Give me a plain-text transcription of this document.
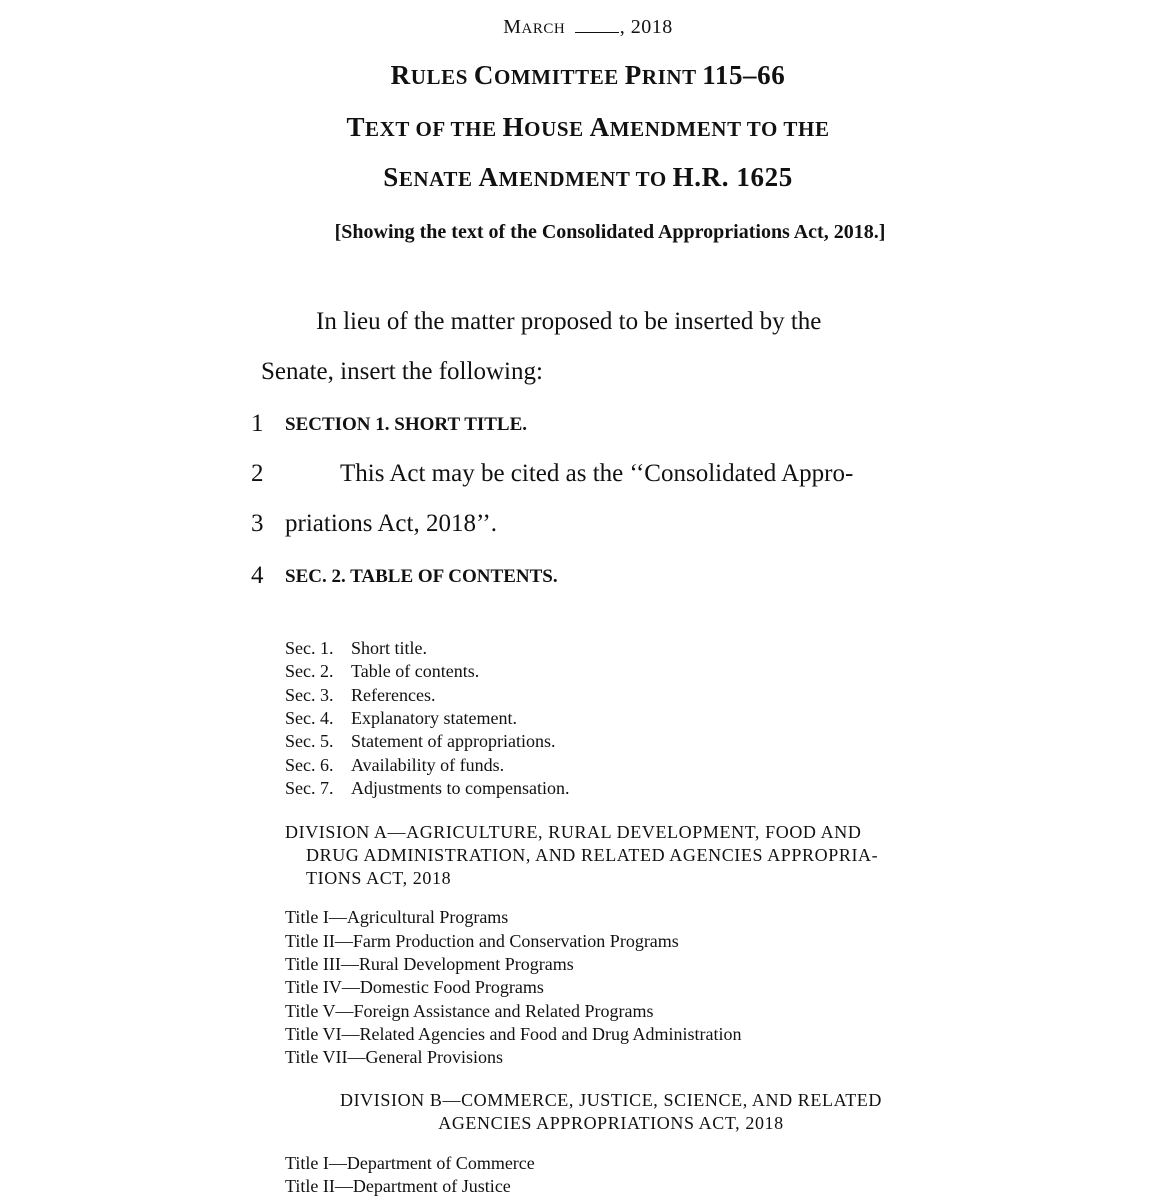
MARCH	, 2018
RULES COMMITTEE PRINT 115–66
TEXT OF THE HOUSE AMENDMENT TO THE
SENATE AMENDMENT TO H.R. 1625
[Showing the text of the Consolidated Appropriations Act, 2018.]
In lieu of the matter proposed to be inserted by the
Senate, insert the following:
1 SECTION 1. SHORT TITLE.
2	This Act may be cited as the ‘‘Consolidated Appro-
3 priations Act, 2018’’.
4 SEC. 2. TABLE OF CONTENTS.
Sec. 1. Short title.
Sec. 2. Table of contents.
Sec. 3. References.
Sec. 4. Explanatory statement.
Sec. 5. Statement of appropriations.
Sec. 6. Availability of funds.
Sec. 7. Adjustments to compensation.
DIVISION A—AGRICULTURE, RURAL DEVELOPMENT, FOOD AND
DRUG ADMINISTRATION, AND RELATED AGENCIES APPROPRIA-
TIONS ACT, 2018
Title I—Agricultural Programs
Title II—Farm Production and Conservation Programs
Title III—Rural Development Programs
Title IV—Domestic Food Programs
Title V—Foreign Assistance and Related Programs
Title VI—Related Agencies and Food and Drug Administration
Title VII—General Provisions
DIVISION B—COMMERCE, JUSTICE, SCIENCE, AND RELATED
AGENCIES APPROPRIATIONS ACT, 2018
Title I—Department of Commerce
Title II—Department of Justice
